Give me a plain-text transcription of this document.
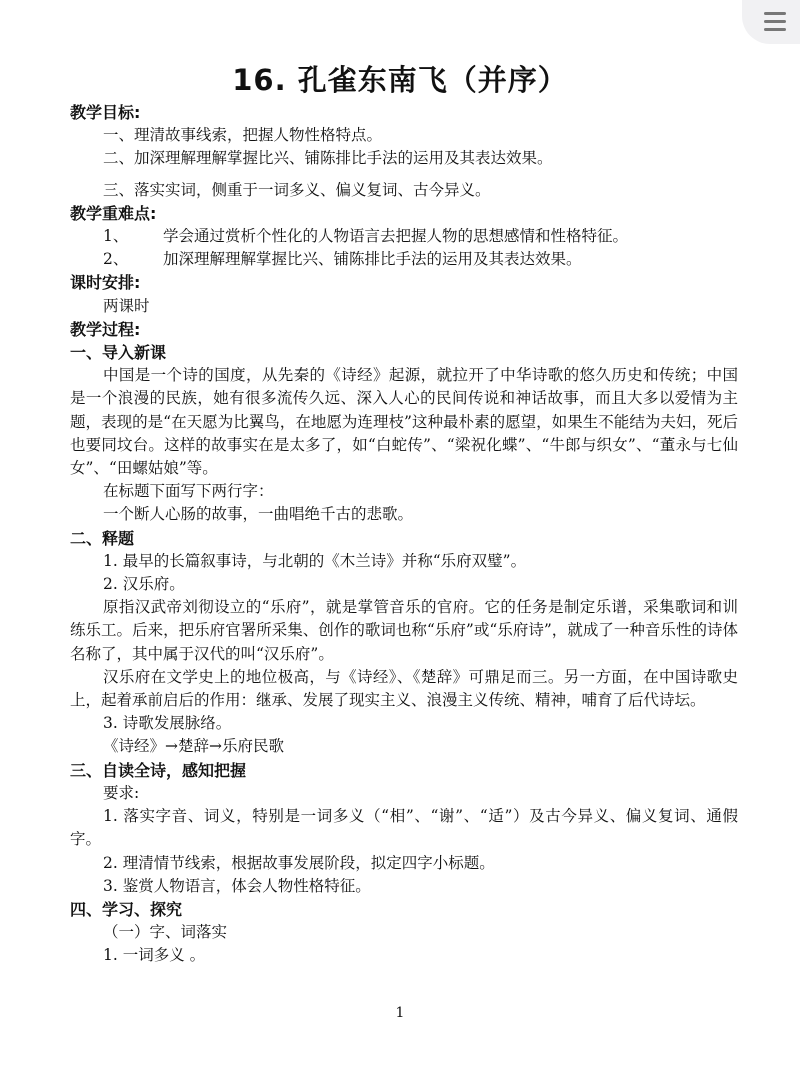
16. 孔雀东南飞（并序）
教学目标:
一、理清故事线索，把握人物性格特点。
二、加深理解理解掌握比兴、铺陈排比手法的运用及其表达效果。
三、落实实词，侧重于一词多义、偏义复词、古今异义。
教学重难点:
1、 学会通过赏析个性化的人物语言去把握人物的思想感情和性格特征。
2、 加深理解理解掌握比兴、铺陈排比手法的运用及其表达效果。
课时安排:
两课时
教学过程:
一、导入新课
中国是一个诗的国度，从先秦的《诗经》起源，就拉开了中华诗歌的悠久历史和传统；中国是一个浪漫的民族，她有很多流传久远、深入人心的民间传说和神话故事，而且大多以爱情为主题，表现的是“在天愿为比翼鸟，在地愿为连理枝”这种最朴素的愿望，如果生不能结为夫妇，死后也要同坟台。这样的故事实在是太多了，如“白蛇传”、“梁祝化蝶”、“牛郎与织女”、“董永与七仙女”、“田螺姑娘”等。
在标题下面写下两行字：
一个断人心肠的故事，一曲唱绝千古的悲歌。
二、释题
1. 最早的长篇叙事诗，与北朝的《木兰诗》并称“乐府双璧”。
2. 汉乐府。
原指汉武帝刘彻设立的“乐府”，就是掌管音乐的官府。它的任务是制定乐谱，采集歌词和训练乐工。后来，把乐府官署所采集、创作的歌词也称“乐府”或“乐府诗”，就成了一种音乐性的诗体名称了，其中属于汉代的叫“汉乐府”。
汉乐府在文学史上的地位极高，与《诗经》、《楚辞》可鼎足而三。另一方面，在中国诗歌史上，起着承前启后的作用：继承、发展了现实主义、浪漫主义传统、精神，哺育了后代诗坛。
3. 诗歌发展脉络。
《诗经》→楚辞→乐府民歌
三、自读全诗，感知把握
要求:
1. 落实字音、词义，特别是一词多义（“相”、“谢”、“适”）及古今异义、偏义复词、通假字。
2. 理清情节线索，根据故事发展阶段，拟定四字小标题。
3. 鉴赏人物语言，体会人物性格特征。
四、学习、探究
（一）字、词落实
1. 一词多义 。
1
